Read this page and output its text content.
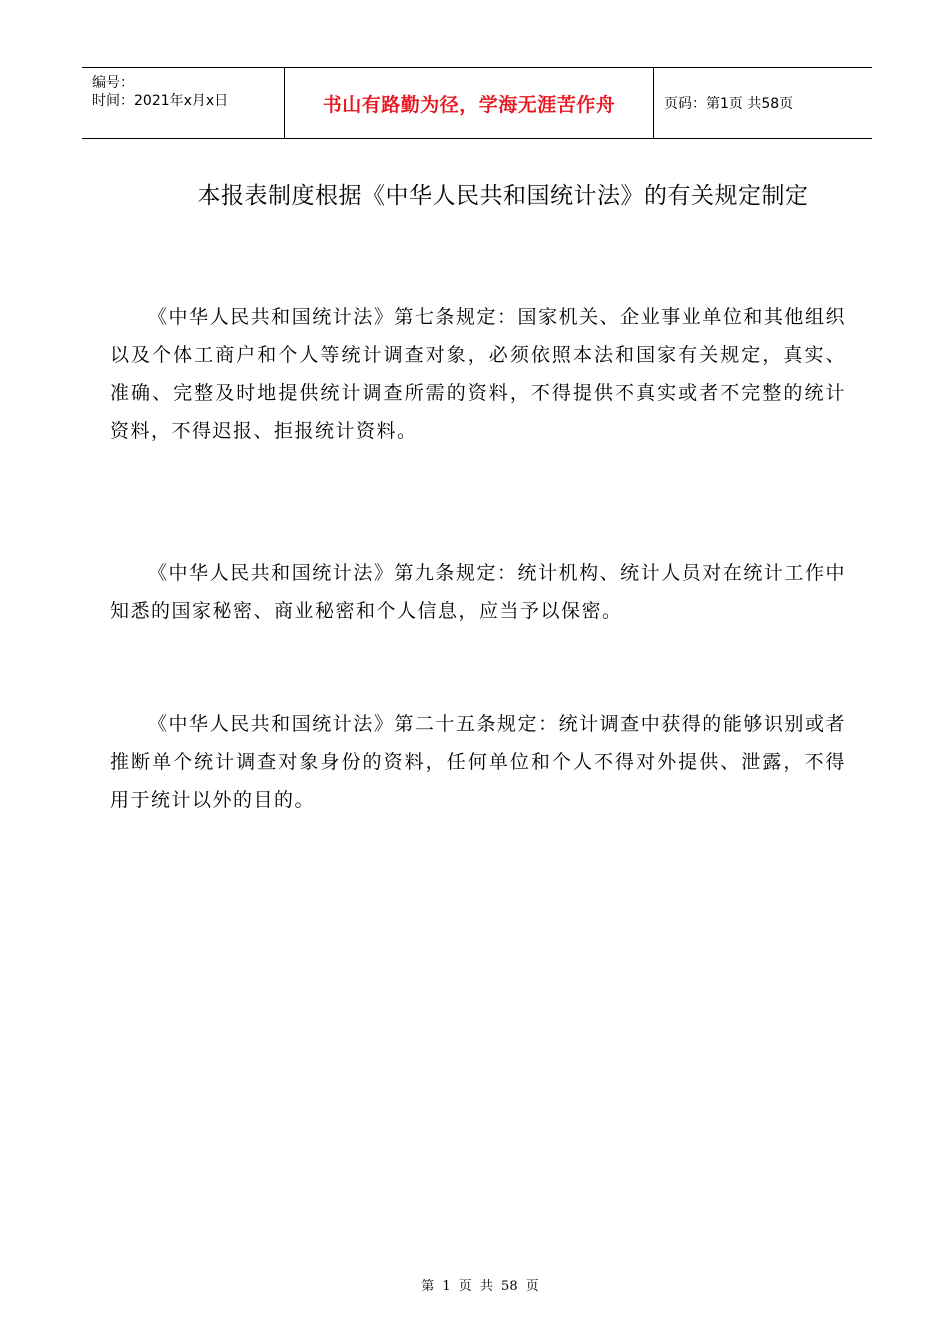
编号：
时间：2021年x月x日	书山有路勤为径，学海无涯苦作舟	页码：第1页 共58页
本报表制度根据《中华人民共和国统计法》的有关规定制定

《中华人民共和国统计法》第七条规定：国家机关、企业事业单位和其他组织以及个体工商户和个人等统计调查对象，必须依照本法和国家有关规定，真实、准确、完整及时地提供统计调查所需的资料，不得提供不真实或者不完整的统计资料，不得迟报、拒报统计资料。

《中华人民共和国统计法》第九条规定：统计机构、统计人员对在统计工作中知悉的国家秘密、商业秘密和个人信息，应当予以保密。

《中华人民共和国统计法》第二十五条规定：统计调查中获得的能够识别或者推断单个统计调查对象身份的资料，任何单位和个人不得对外提供、泄露，不得用于统计以外的目的。

第 1 页 共 58 页
